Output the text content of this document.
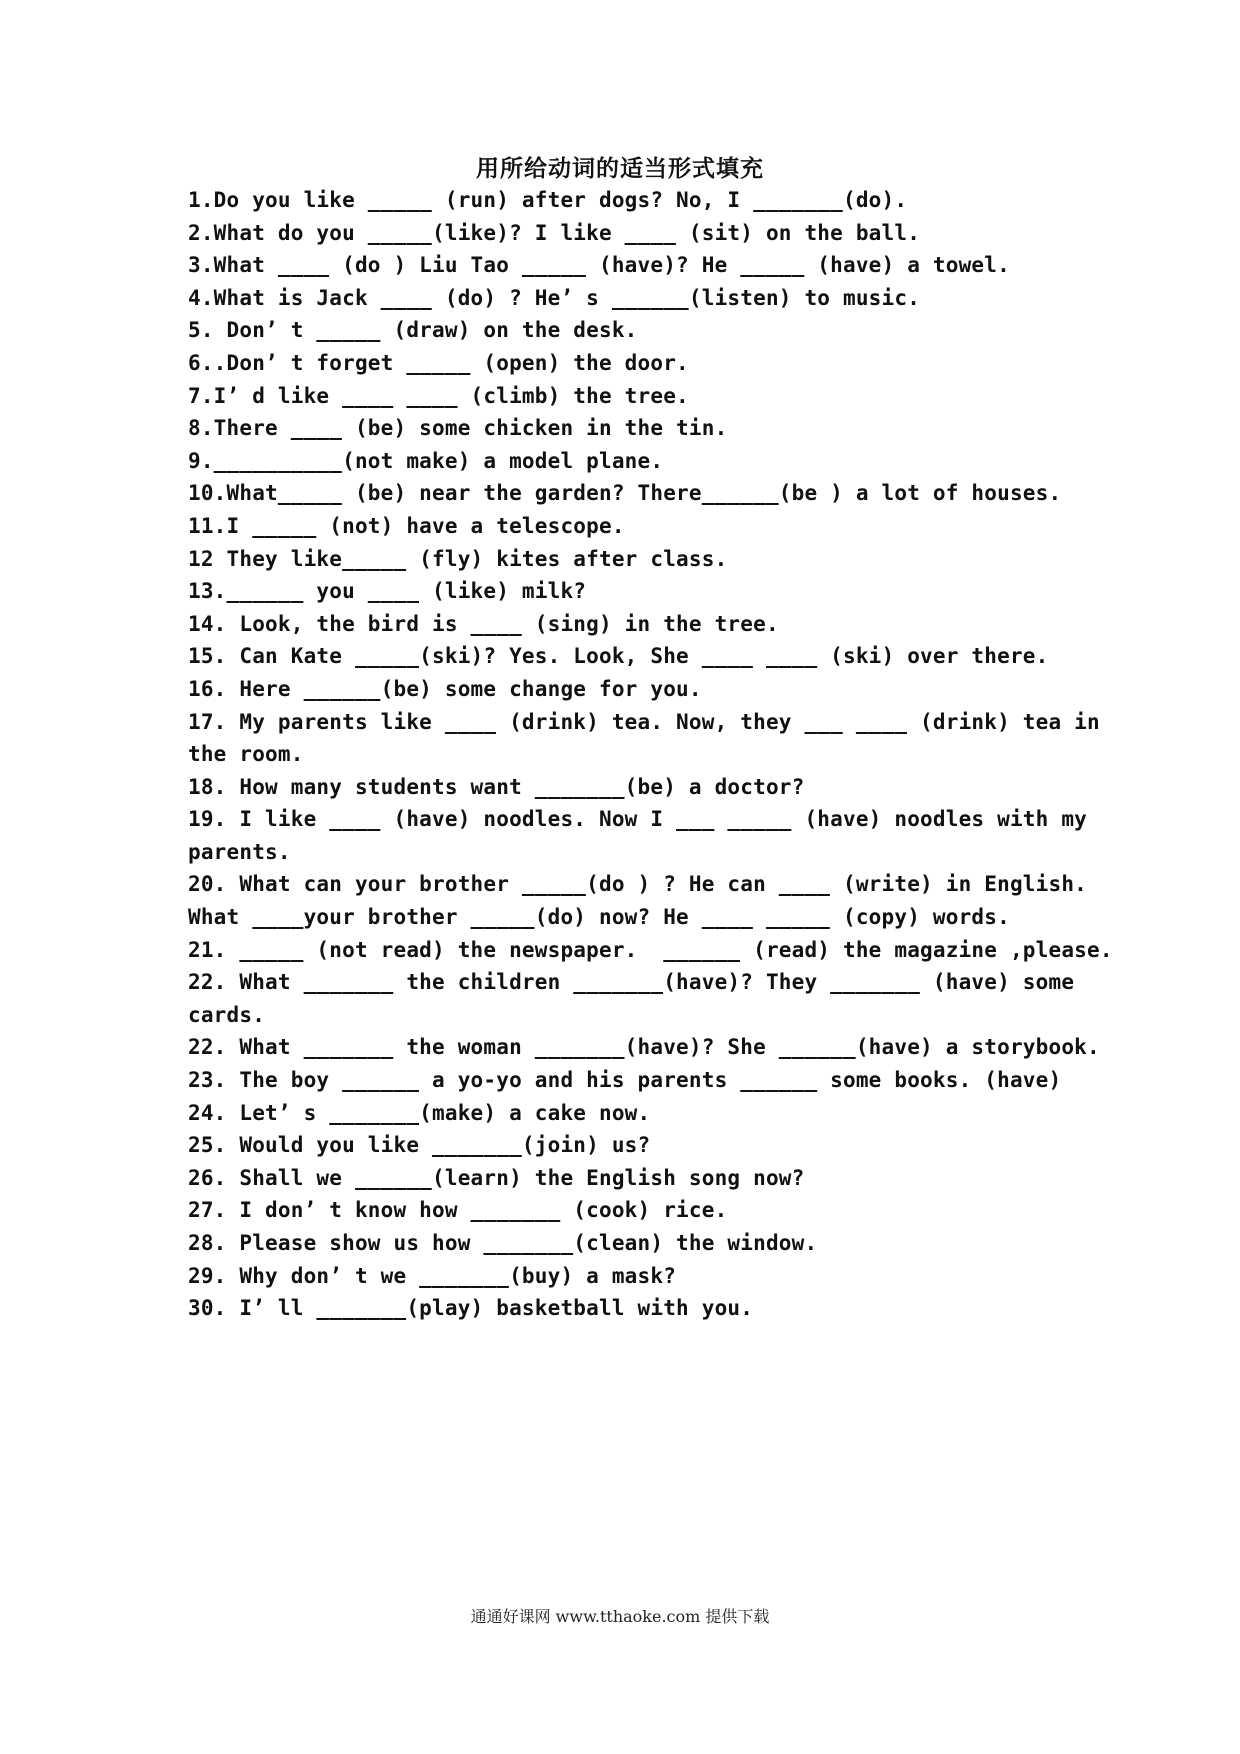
用所给动词的适当形式填充
1.Do you like _____ (run) after dogs? No, I _______(do).
2.What do you _____(like)? I like ____ (sit) on the ball.
3.What ____ (do ) Liu Tao _____ (have)? He _____ (have) a towel.
4.What is Jack ____ (do) ? He’ s ______(listen) to music.
5. Don’ t _____ (draw) on the desk.
6..Don’ t forget _____ (open) the door.
7.I’ d like ____ ____ (climb) the tree.
8.There ____ (be) some chicken in the tin.
9.__________(not make) a model plane.
10.What_____ (be) near the garden? There______(be ) a lot of houses.
11.I _____ (not) have a telescope.
12 They like_____ (fly) kites after class.
13.______ you ____ (like) milk?
14. Look, the bird is ____ (sing) in the tree.
15. Can Kate _____(ski)? Yes. Look, She ____ ____ (ski) over there.
16. Here ______(be) some change for you.
17. My parents like ____ (drink) tea. Now, they ___ ____ (drink) tea in
the room.
18. How many students want _______(be) a doctor?
19. I like ____ (have) noodles. Now I ___ _____ (have) noodles with my
parents.
20. What can your brother _____(do ) ? He can ____ (write) in English.
What ____your brother _____(do) now? He ____ _____ (copy) words.
21. _____ (not read) the newspaper.  ______ (read) the magazine ,please.
22. What _______ the children _______(have)? They _______ (have) some
cards.
22. What _______ the woman _______(have)? She ______(have) a storybook.
23. The boy ______ a yo-yo and his parents ______ some books. (have)
24. Let’ s _______(make) a cake now.
25. Would you like _______(join) us?
26. Shall we ______(learn) the English song now?
27. I don’ t know how _______ (cook) rice.
28. Please show us how _______(clean) the window.
29. Why don’ t we _______(buy) a mask?
30. I’ ll _______(play) basketball with you.
通通好课网 www.tthaoke.com 提供下载
